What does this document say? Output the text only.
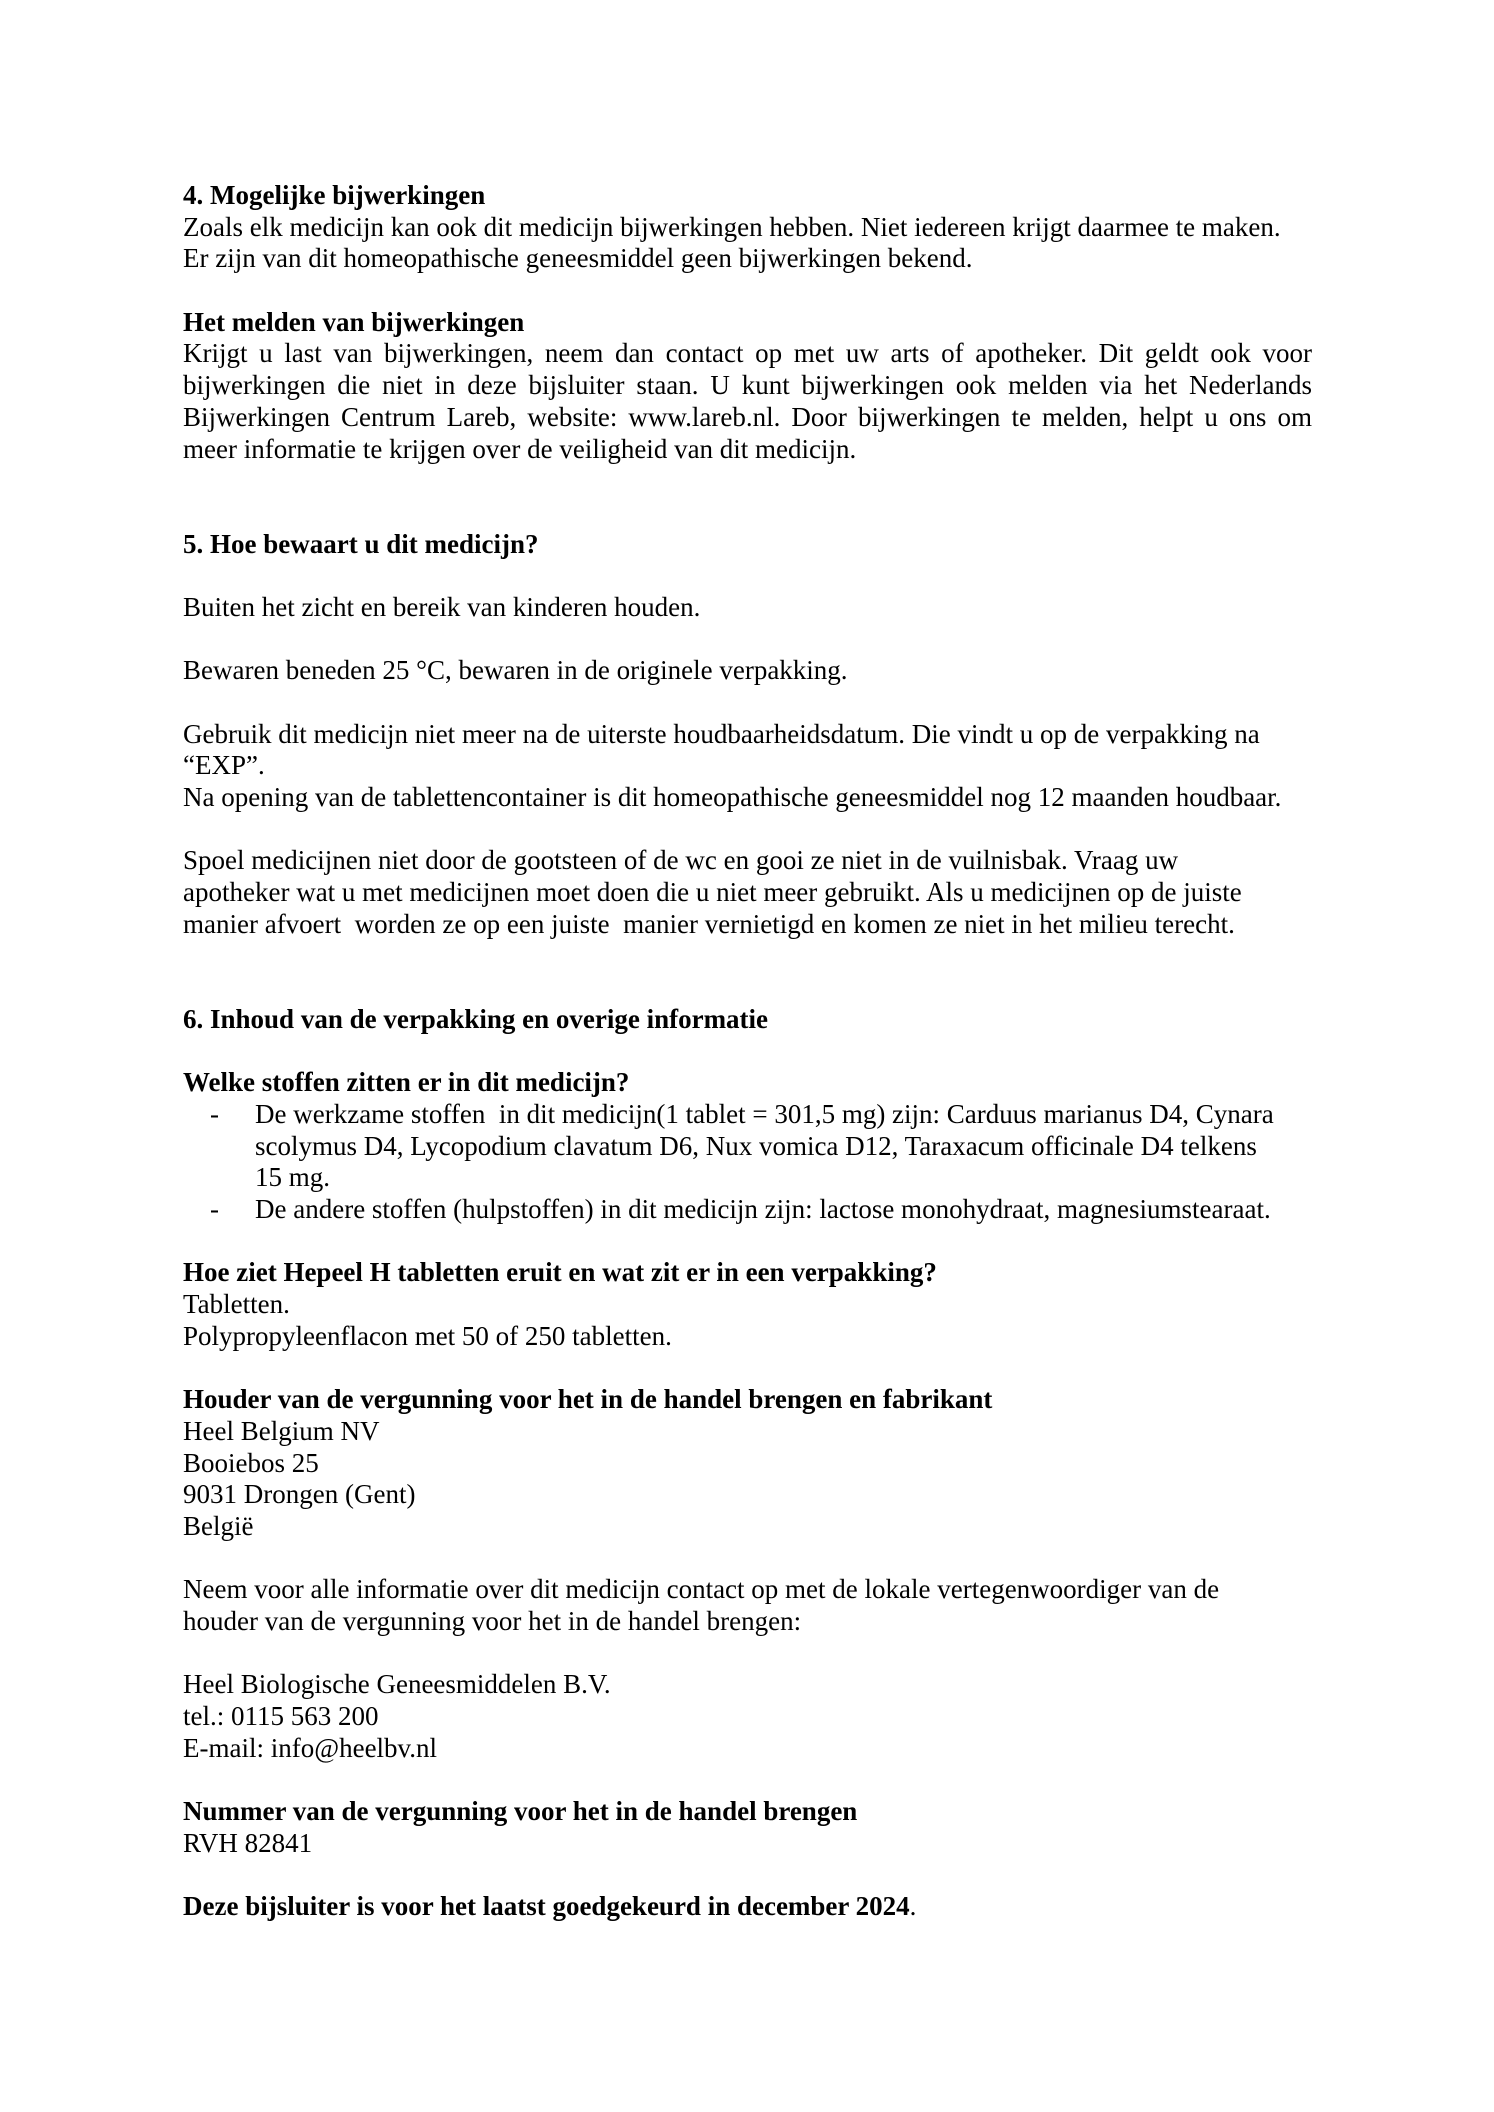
4. Mogelijke bijwerkingen
Zoals elk medicijn kan ook dit medicijn bijwerkingen hebben. Niet iedereen krijgt daarmee te maken.
Er zijn van dit homeopathische geneesmiddel geen bijwerkingen bekend.
Het melden van bijwerkingen
Krijgt u last van bijwerkingen, neem dan contact op met uw arts of apotheker. Dit geldt ook voor
bijwerkingen die niet in deze bijsluiter staan. U kunt bijwerkingen ook melden via het Nederlands
Bijwerkingen Centrum Lareb, website: www.lareb.nl. Door bijwerkingen te melden, helpt u ons om
meer informatie te krijgen over de veiligheid van dit medicijn.
5. Hoe bewaart u dit medicijn?
Buiten het zicht en bereik van kinderen houden.
Bewaren beneden 25 °C, bewaren in de originele verpakking.
Gebruik dit medicijn niet meer na de uiterste houdbaarheidsdatum. Die vindt u op de verpakking na
“EXP”.
Na opening van de tablettencontainer is dit homeopathische geneesmiddel nog 12 maanden houdbaar.
Spoel medicijnen niet door de gootsteen of de wc en gooi ze niet in de vuilnisbak. Vraag uw
apotheker wat u met medicijnen moet doen die u niet meer gebruikt. Als u medicijnen op de juiste
manier afvoert  worden ze op een juiste  manier vernietigd en komen ze niet in het milieu terecht.
6. Inhoud van de verpakking en overige informatie
Welke stoffen zitten er in dit medicijn?
- De werkzame stoffen  in dit medicijn(1 tablet = 301,5 mg) zijn: Carduus marianus D4, Cynara
scolymus D4, Lycopodium clavatum D6, Nux vomica D12, Taraxacum officinale D4 telkens
15 mg.
- De andere stoffen (hulpstoffen) in dit medicijn zijn: lactose monohydraat, magnesiumstearaat.
Hoe ziet Hepeel H tabletten eruit en wat zit er in een verpakking?
Tabletten.
Polypropyleenflacon met 50 of 250 tabletten.
Houder van de vergunning voor het in de handel brengen en fabrikant
Heel Belgium NV
Booiebos 25
9031 Drongen (Gent)
België
Neem voor alle informatie over dit medicijn contact op met de lokale vertegenwoordiger van de
houder van de vergunning voor het in de handel brengen:
Heel Biologische Geneesmiddelen B.V.
tel.: 0115 563 200
E-mail: info@heelbv.nl
Nummer van de vergunning voor het in de handel brengen
RVH 82841
Deze bijsluiter is voor het laatst goedgekeurd in december 2024.
